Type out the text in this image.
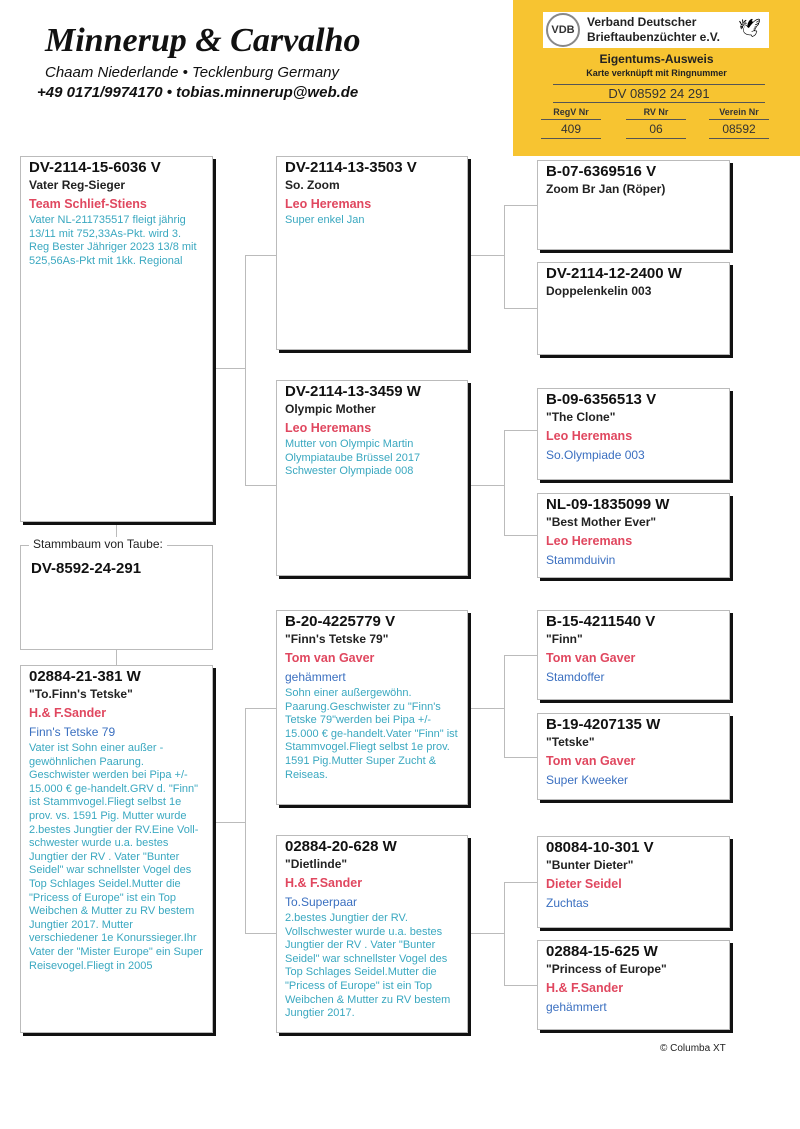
Minnerup & Carvalho
Chaam Niederlande • Tecklenburg Germany
+49 0171/9974170 • tobias.minnerup@web.de
VDB
Verband Deutscher
Brieftaubenzüchter e.V. 🕊
Eigentums-Ausweis
Karte verknüpft mit Ringnummer
DV 08592 24 291
RegV Nr
409
RV Nr
06
Verein Nr
08592
Stammbaum von Taube:
DV-8592-24-291
DV-2114-15-6036 V
Vater Reg-Sieger
Team Schlief-Stiens
Vater NL-211735517 fleigt jährig 13/11 mit 752,33As-Pkt. wird 3. Reg Bester Jähriger 2023 13/8 mit 525,56As-Pkt mit 1kk. Regional
02884-21-381 W
"To.Finn's Tetske"
H.& F.Sander
Finn's Tetske 79
Vater ist Sohn einer außer -gewöhnlichen Paarung. Geschwister werden bei Pipa +/- 15.000 € ge-handelt.GRV d. "Finn" ist Stammvogel.Fliegt selbst 1e prov. vs. 1591 Pig. Mutter wurde 2.bestes Jungtier der RV.Eine Voll-schwester wurde u.a. bestes Jungtier der RV . Vater "Bunter Seidel" war schnellster Vogel des Top Schlages Seidel.Mutter die "Pricess of Europe" ist ein Top Weibchen & Mutter zu RV bestem Jungtier 2017. Mutter verschiedener 1e Konurssieger.Ihr Vater der "Mister Europe" ein Super Reisevogel.Fliegt in 2005
DV-2114-13-3503 V
So. Zoom
Leo Heremans
Super enkel Jan
DV-2114-13-3459 W
Olympic Mother
Leo Heremans
Mutter von Olympic Martin Olympiataube Brüssel 2017 Schwester Olympiade 008
B-20-4225779 V
"Finn's Tetske 79"
Tom van Gaver
gehämmert
Sohn einer außergewöhn. Paarung.Geschwister zu "Finn's Tetske 79"werden bei Pipa +/- 15.000 € ge-handelt.Vater "Finn" ist Stammvogel.Fliegt selbst 1e prov. 1591 Pig.Mutter Super Zucht & Reiseas.
02884-20-628 W
"Dietlinde"
H.& F.Sander
To.Superpaar
2.bestes Jungtier der RV. Vollschwester wurde u.a. bestes Jungtier der RV . Vater "Bunter Seidel" war schnellster Vogel des Top Schlages Seidel.Mutter die "Pricess of Europe" ist ein Top Weibchen & Mutter zu RV bestem Jungtier 2017.
B-07-6369516 V
Zoom Br Jan (Röper)
DV-2114-12-2400 W
Doppelenkelin 003
B-09-6356513 V
"The Clone"
Leo Heremans
So.Olympiade 003
NL-09-1835099 W
"Best Mother Ever"
Leo Heremans
Stammduivin
B-15-4211540 V
"Finn"
Tom van Gaver
Stamdoffer
B-19-4207135 W
"Tetske"
Tom van Gaver
Super Kweeker
08084-10-301 V
"Bunter Dieter"
Dieter Seidel
Zuchtas
02884-15-625 W
"Princess of Europe"
H.& F.Sander
gehämmert
© Columba XT
